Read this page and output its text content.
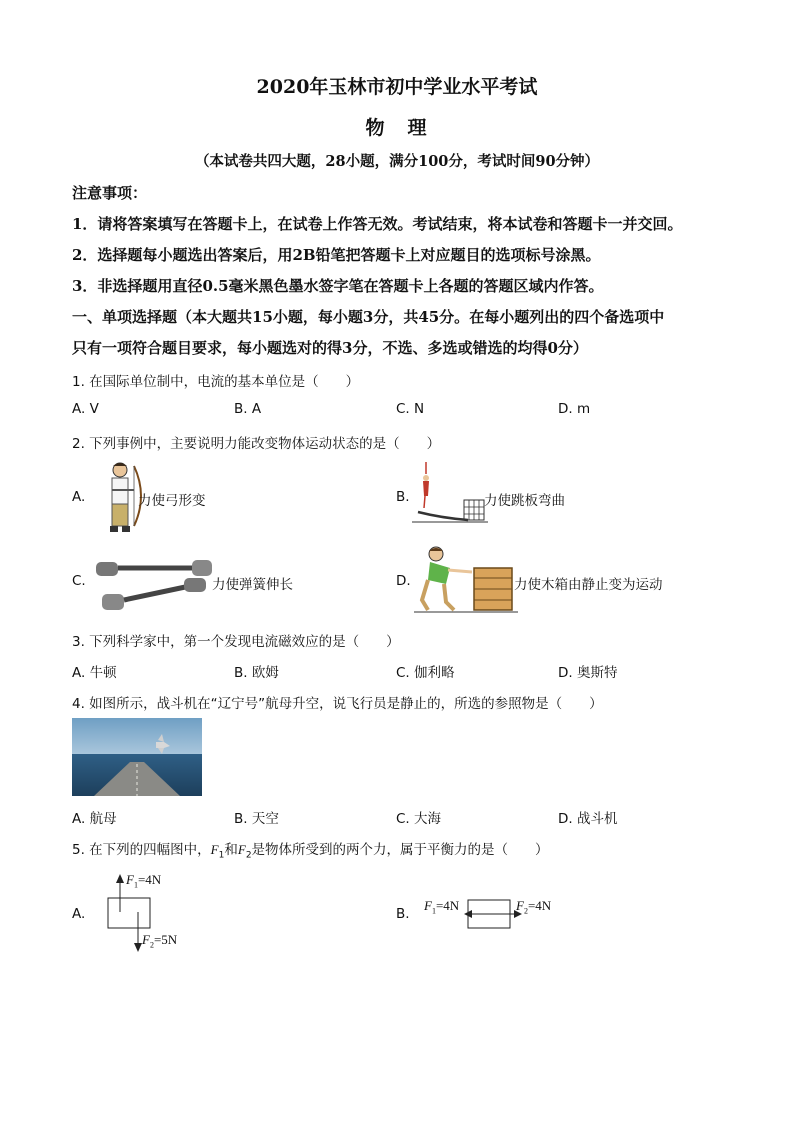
2020年玉林市初中学业水平考试
物　理
（本试卷共四大题，28小题，满分100分，考试时间90分钟）
注意事项：
1．请将答案填写在答题卡上，在试卷上作答无效。考试结束，将本试卷和答题卡一并交回。
2．选择题每小题选出答案后，用2B铅笔把答题卡上对应题目的选项标号涂黑。
3．非选择题用直径0.5毫米黑色墨水签字笔在答题卡上各题的答题区域内作答。
一、单项选择题（本大题共15小题，每小题3分，共45分。在每小题列出的四个备选项中
只有一项符合题目要求，每小题选对的得3分，不选、多选或错选的均得0分）
1. 在国际单位制中，电流的基本单位是（　　）
A. V	B. A	C. N	D. m
2. 下列事例中，主要说明力能改变物体运动状态的是（　　）
A.	力使弓形变	B.	力使跳板弯曲
C.	力使弹簧伸长	D.	力使木箱由静止变为运动
3. 下列科学家中，第一个发现电流磁效应的是（　　）
A. 牛顿	B. 欧姆	C. 伽利略	D. 奥斯特
4. 如图所示，战斗机在“辽宁号”航母升空，说飞行员是静止的，所选的参照物是（　　）
A. 航母	B. 天空	C. 大海	D. 战斗机
5. 在下列的四幅图中，$F_1$和$F_2$是物体所受到的两个力，属于平衡力的是（　　）
A.
$F_1=4N$
$F_2=5N$
B.
$F_1=4N$	$F_2=4N$
